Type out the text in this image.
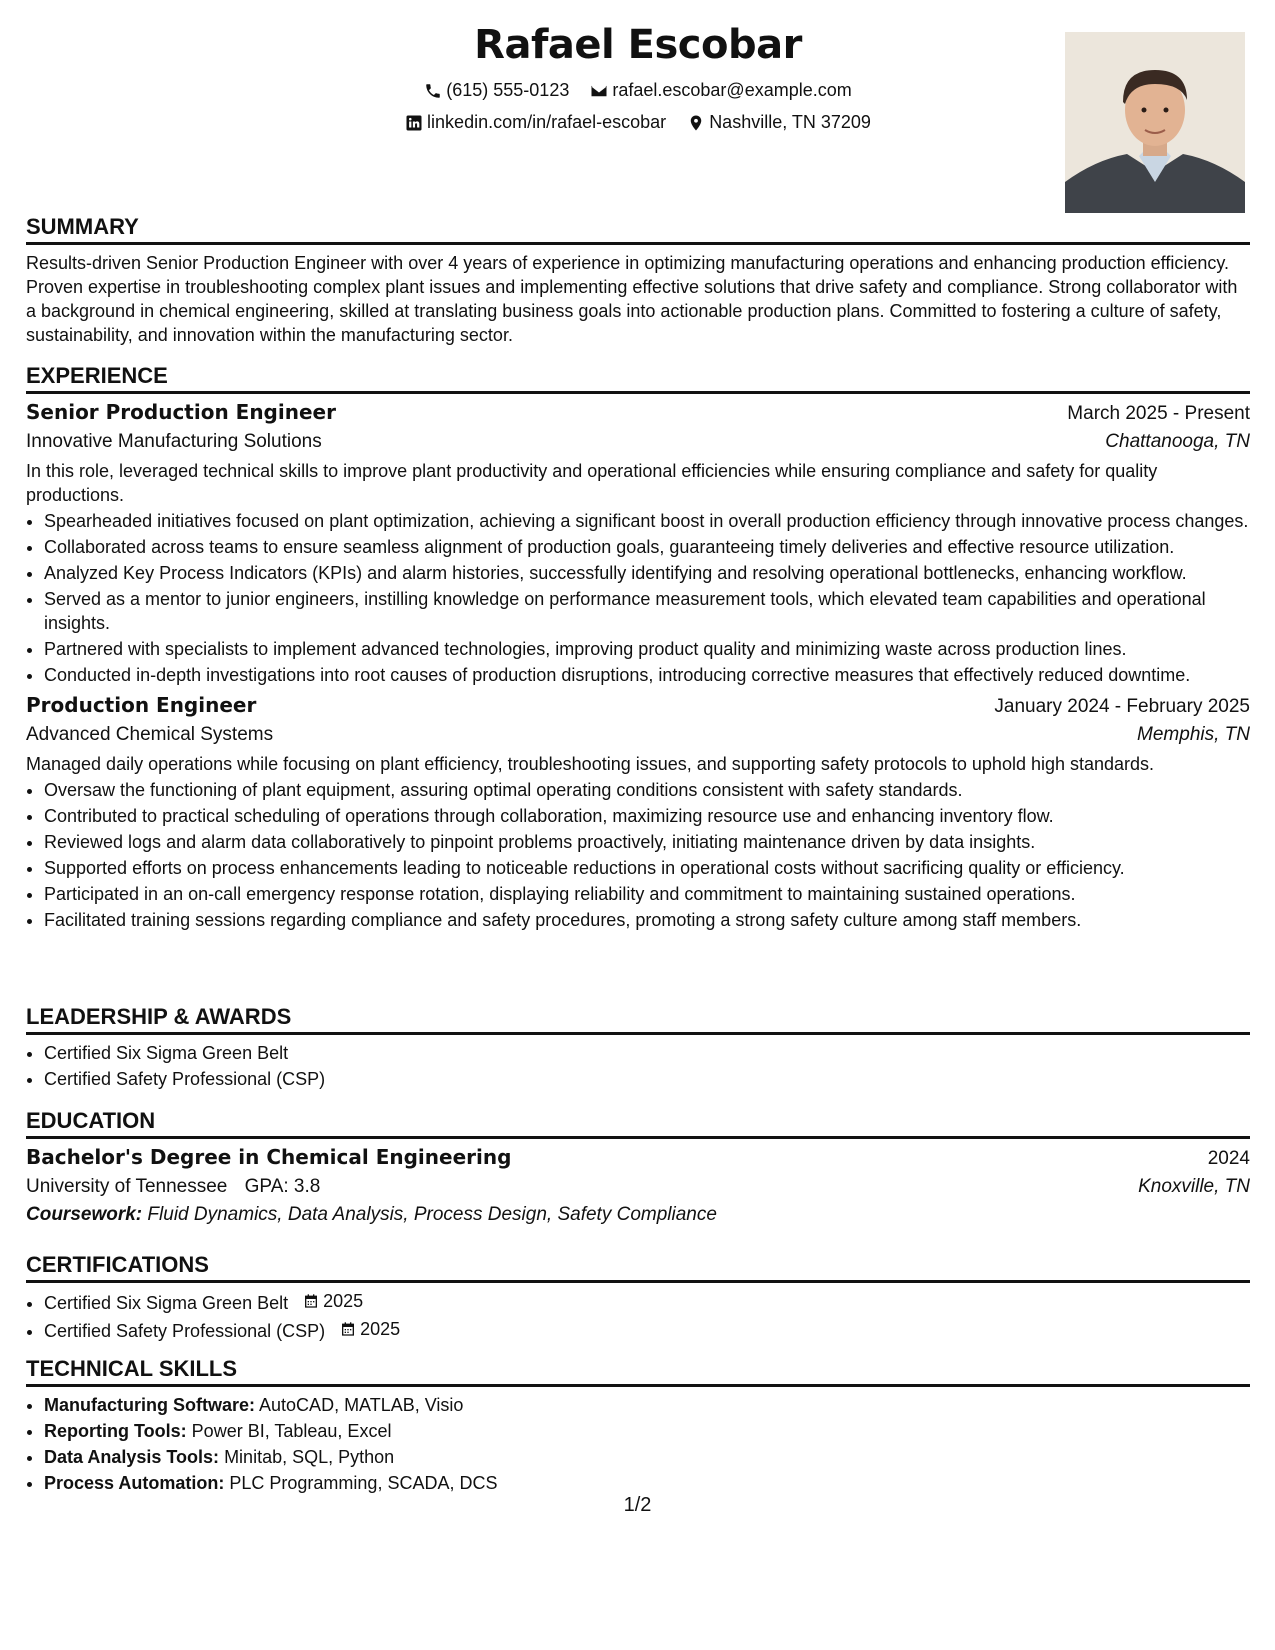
Rafael Escobar
(615) 555-0123
rafael.escobar@example.com
linkedin.com/in/rafael-escobar
Nashville, TN 37209
SUMMARY

Results-driven Senior Production Engineer with over 4 years of experience in optimizing manufacturing operations and enhancing production efficiency. Proven expertise in troubleshooting complex plant issues and implementing effective solutions that drive safety and compliance. Strong collaborator with a background in chemical engineering, skilled at translating business goals into actionable production plans. Committed to fostering a culture of safety, sustainability, and innovation within the manufacturing sector.

EXPERIENCE
Senior Production Engineer	March 2025 - Present
Innovative Manufacturing Solutions	Chattanooga, TN

In this role, leveraged technical skills to improve plant productivity and operational efficiencies while ensuring compliance and safety for quality productions.

• Spearheaded initiatives focused on plant optimization, achieving a significant boost in overall production efficiency through innovative process changes.
• Collaborated across teams to ensure seamless alignment of production goals, guaranteeing timely deliveries and effective resource utilization.
• Analyzed Key Process Indicators (KPIs) and alarm histories, successfully identifying and resolving operational bottlenecks, enhancing workflow.
• Served as a mentor to junior engineers, instilling knowledge on performance measurement tools, which elevated team capabilities and operational insights.
• Partnered with specialists to implement advanced technologies, improving product quality and minimizing waste across production lines.
• Conducted in-depth investigations into root causes of production disruptions, introducing corrective measures that effectively reduced downtime.
Production Engineer	January 2024 - February 2025
Advanced Chemical Systems	Memphis, TN

Managed daily operations while focusing on plant efficiency, troubleshooting issues, and supporting safety protocols to uphold high standards.

• Oversaw the functioning of plant equipment, assuring optimal operating conditions consistent with safety standards.
• Contributed to practical scheduling of operations through collaboration, maximizing resource use and enhancing inventory flow.
• Reviewed logs and alarm data collaboratively to pinpoint problems proactively, initiating maintenance driven by data insights.
• Supported efforts on process enhancements leading to noticeable reductions in operational costs without sacrificing quality or efficiency.
• Participated in an on-call emergency response rotation, displaying reliability and commitment to maintaining sustained operations.
• Facilitated training sessions regarding compliance and safety procedures, promoting a strong safety culture among staff members.
LEADERSHIP & AWARDS
• Certified Six Sigma Green Belt
• Certified Safety Professional (CSP)
EDUCATION
Bachelor's Degree in Chemical Engineering	2024
University of Tennessee GPA: 3.8	Knoxville, TN
Coursework: Fluid Dynamics, Data Analysis, Process Design, Safety Compliance
CERTIFICATIONS
• Certified Six Sigma Green Belt 2025
• Certified Safety Professional (CSP) 2025
TECHNICAL SKILLS
• Manufacturing Software: AutoCAD, MATLAB, Visio
• Reporting Tools: Power BI, Tableau, Excel
• Data Analysis Tools: Minitab, SQL, Python
• Process Automation: PLC Programming, SCADA, DCS
1/2
